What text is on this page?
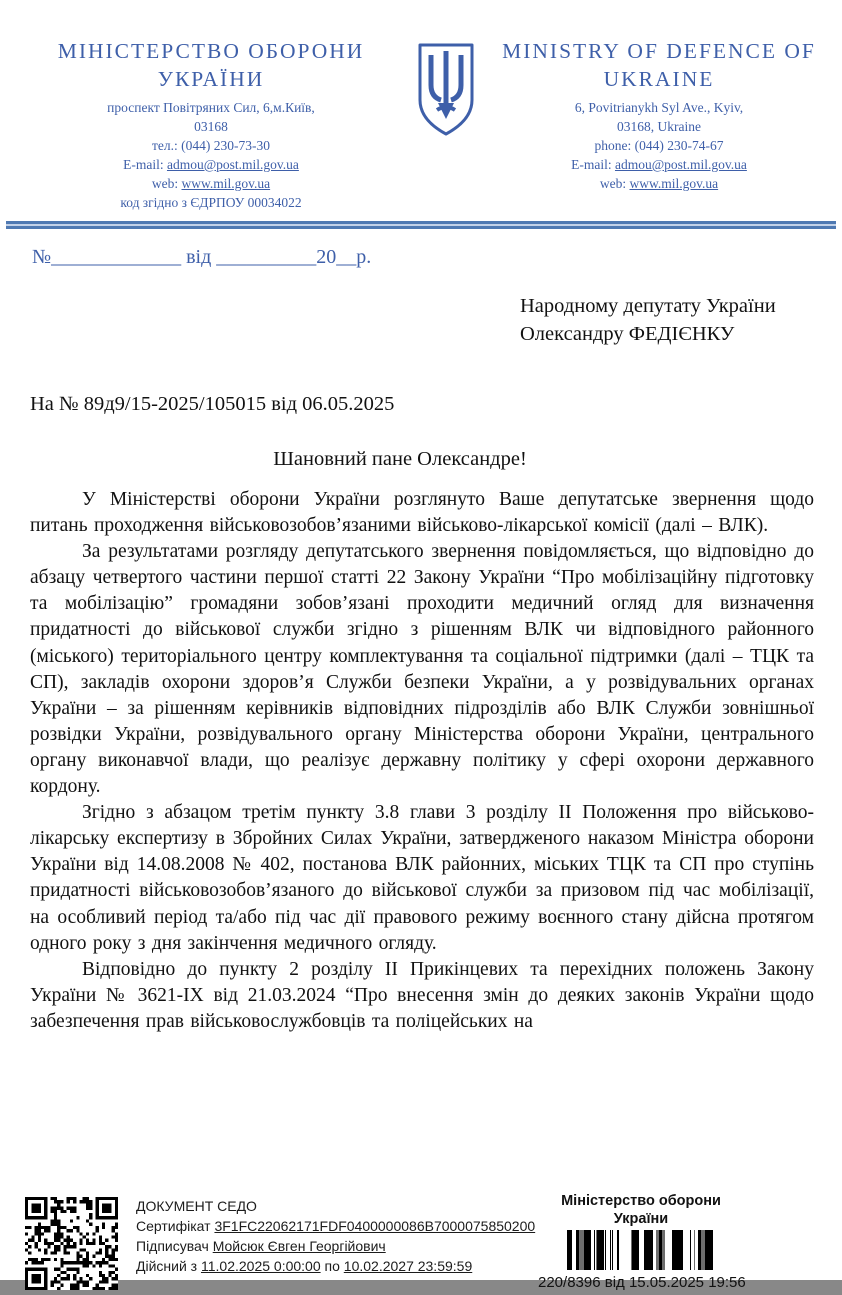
МІНІСТЕРСТВО ОБОРОНИ УКРАЇНИ
проспект Повітряних Сил, 6,м.Київ,
03168
тел.: (044) 230-73-30
E-mail: admou@post.mil.gov.ua
web: www.mil.gov.ua
код згідно з ЄДРПОУ 00034022
MINISTRY OF DEFENCE OF UKRAINE
6, Povitrianykh Syl Ave., Kyiv,
03168, Ukraine
phone: (044) 230-74-67
E-mail: admou@post.mil.gov.ua
web: www.mil.gov.ua
№_____________ від __________20__р.
Народному депутату України
Олександру ФЕДІЄНКУ
На № 89д9/15-2025/105015 від 06.05.2025
Шановний пане Олександре!

У Міністерстві оборони України розглянуто Ваше депутатське звернення щодо питань проходження військовозобов’язаними військово-лікарської комісії (далі – ВЛК).

За результатами розгляду депутатського звернення повідомляється, що відповідно до абзацу четвертого частини першої статті 22 Закону України “Про мобілізаційну підготовку та мобілізацію” громадяни зобов’язані проходити медичний огляд для визначення придатності до військової служби згідно з рішенням ВЛК чи відповідного районного (міського) територіального центру комплектування та соціальної підтримки (далі – ТЦК та СП), закладів охорони здоров’я Служби безпеки України, а у розвідувальних органах України – за рішенням керівників відповідних підрозділів або ВЛК Служби зовнішньої розвідки України, розвідувального органу Міністерства оборони України, центрального органу виконавчої влади, що реалізує державну політику у сфері охорони державного кордону.

Згідно з абзацом третім пункту 3.8 глави 3 розділу ІІ Положення про військово-лікарську експертизу в Збройних Силах України, затвердженого наказом Міністра оборони України від 14.08.2008 № 402, постанова ВЛК районних, міських ТЦК та СП про ступінь придатності військовозобов’язаного до військової служби за призовом під час мобілізації, на особливий період та/або під час дії правового режиму воєнного стану дійсна протягом одного року з дня закінчення медичного огляду.

Відповідно до пункту 2 розділу ІІ Прикінцевих та перехідних положень Закону України № 3621-ІХ від 21.03.2024 “Про внесення змін до деяких законів України щодо забезпечення прав військовослужбовців та поліцейських на

ДОКУМЕНТ СЕДО
Сертифікат 3F1FC22062171FDF0400000086B7000075850200
Підписувач Мойсюк Євген Георгійович
Дійсний з 11.02.2025 0:00:00 по 10.02.2027 23:59:59
Міністерство оборони України
220/8396 від 15.05.2025 19:56
